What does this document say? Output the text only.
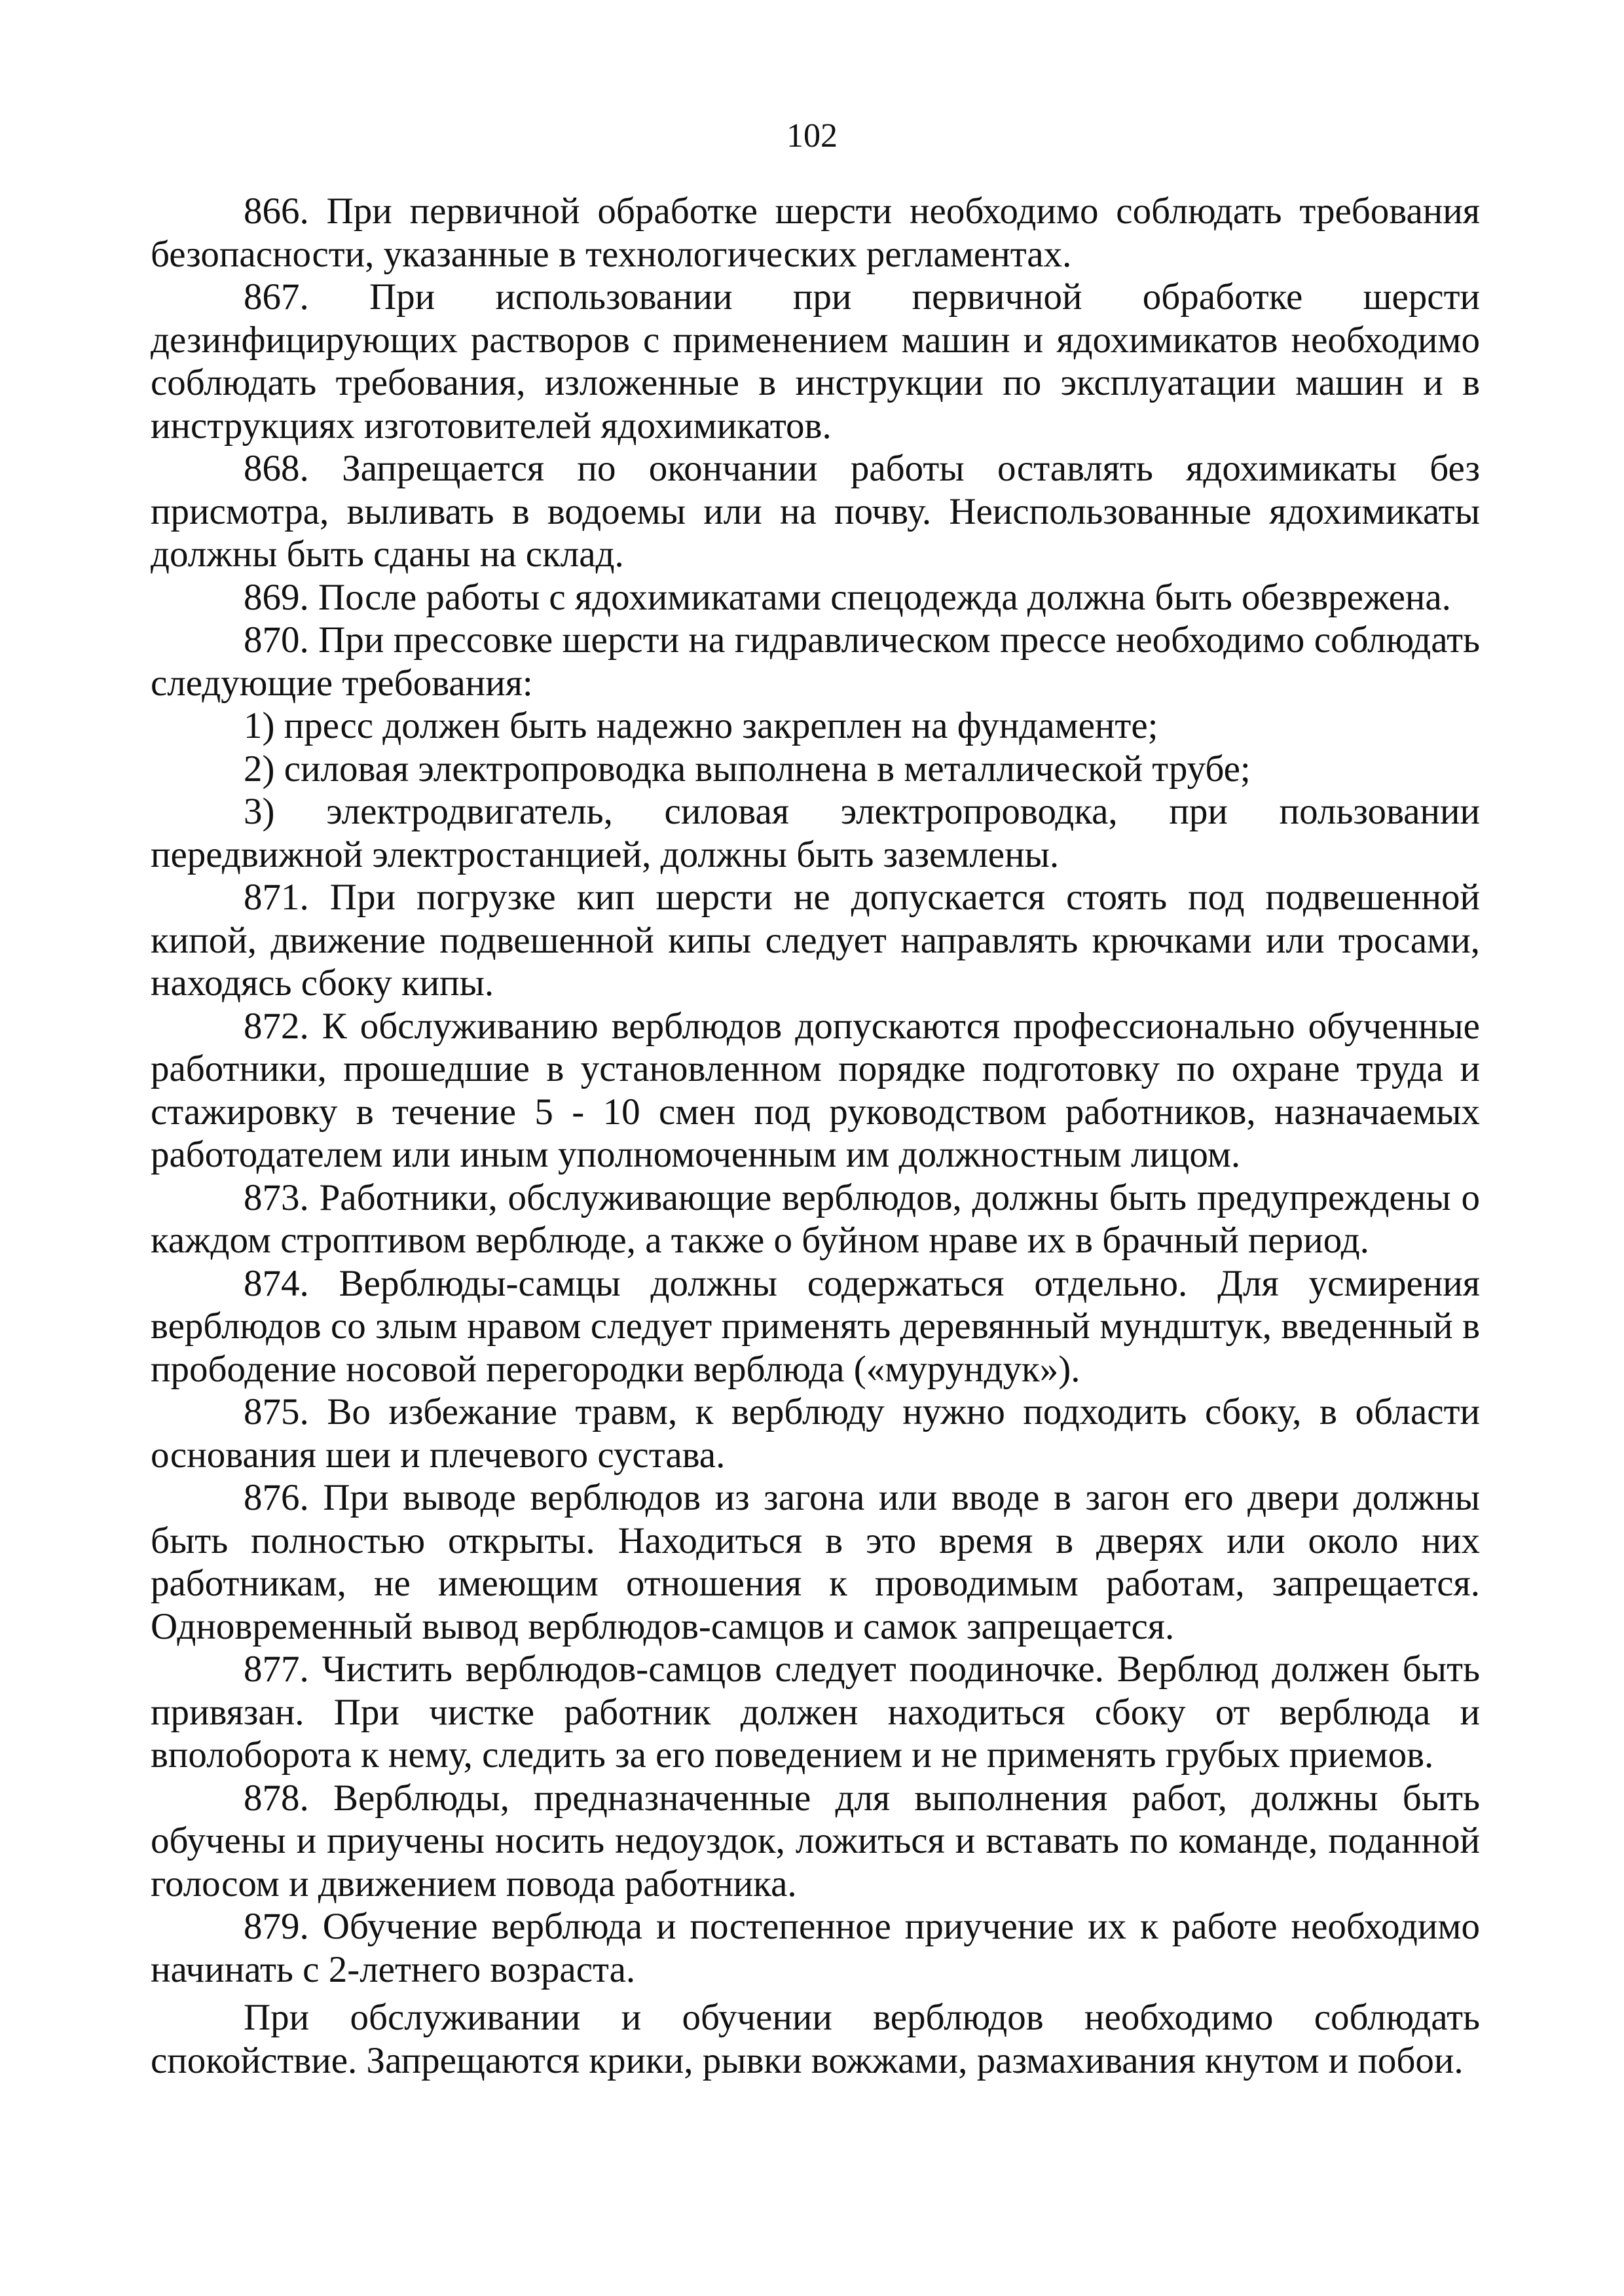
102

866. При первичной обработке шерсти необходимо соблюдать требования безопасности, указанные в технологических регламентах.

867. При использовании при первичной обработке шерсти дезинфицирующих растворов с применением машин и ядохимикатов необходимо соблюдать требования, изложенные в инструкции по эксплуатации машин и в инструкциях изготовителей ядохимикатов.

868. Запрещается по окончании работы оставлять ядохимикаты без присмотра, выливать в водоемы или на почву. Неиспользованные ядохимикаты должны быть сданы на склад.

869. После работы с ядохимикатами спецодежда должна быть обезврежена.

870. При прессовке шерсти на гидравлическом прессе необходимо соблюдать следующие требования:

1) пресс должен быть надежно закреплен на фундаменте;

2) силовая электропроводка выполнена в металлической трубе;

3) электродвигатель, силовая электропроводка, при пользовании передвижной электростанцией, должны быть заземлены.

871. При погрузке кип шерсти не допускается стоять под подвешенной кипой, движение подвешенной кипы следует направлять крючками или тросами, находясь сбоку кипы.

872. К обслуживанию верблюдов допускаются профессионально обученные работники, прошедшие в установленном порядке подготовку по охране труда и стажировку в течение 5 - 10 смен под руководством работников, назначаемых работодателем или иным уполномоченным им должностным лицом.

873. Работники, обслуживающие верблюдов, должны быть предупреждены о каждом строптивом верблюде, а также о буйном нраве их в брачный период.

874. Верблюды-самцы должны содержаться отдельно. Для усмирения верблюдов со злым нравом следует применять деревянный мундштук, введенный в прободение носовой перегородки верблюда («мурундук»).

875. Во избежание травм, к верблюду нужно подходить сбоку, в области основания шеи и плечевого сустава.

876. При выводе верблюдов из загона или вводе в загон его двери должны быть полностью открыты. Находиться в это время в дверях или около них работникам, не имеющим отношения к проводимым работам, запрещается. Одновременный вывод верблюдов-самцов и самок запрещается.

877. Чистить верблюдов-самцов следует поодиночке. Верблюд должен быть привязан. При чистке работник должен находиться сбоку от верблюда и вполоборота к нему, следить за его поведением и не применять грубых приемов.

878. Верблюды, предназначенные для выполнения работ, должны быть обучены и приучены носить недоуздок, ложиться и вставать по команде, поданной голосом и движением повода работника.

879. Обучение верблюда и постепенное приучение их к работе необходимо начинать с 2-летнего возраста.

При обслуживании и обучении верблюдов необходимо соблюдать спокойствие. Запрещаются крики, рывки вожжами, размахивания кнутом и побои.
